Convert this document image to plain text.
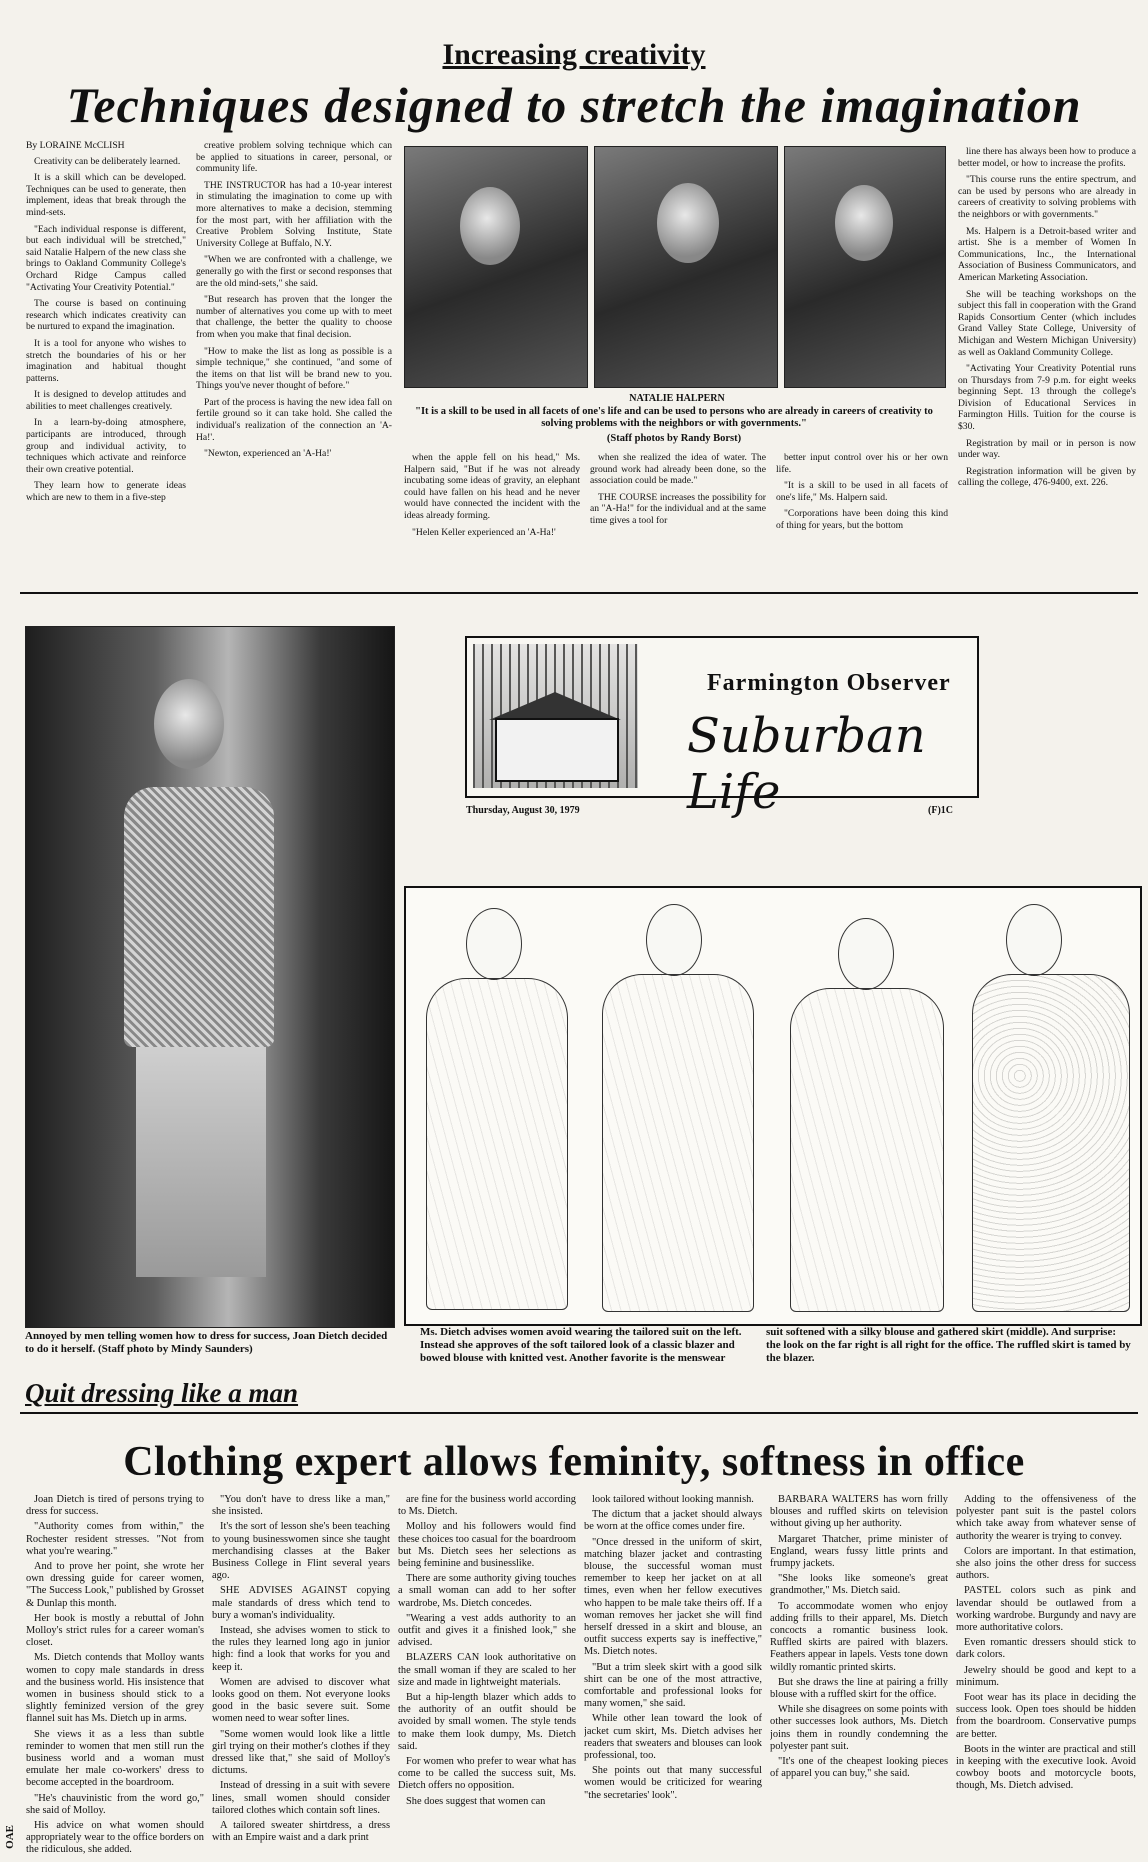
Increasing creativity
Techniques designed to stretch the imagination
By LORAINE McCLISH

Creativity can be deliberately learned.

It is a skill which can be developed. Techniques can be used to generate, then implement, ideas that break through the mind-sets.

"Each individual response is different, but each individual will be stretched," said Natalie Halpern of the new class she brings to Oakland Community College's Orchard Ridge Campus called "Activating Your Creativity Potential."

The course is based on continuing research which indicates creativity can be nurtured to expand the imagination.

It is a tool for anyone who wishes to stretch the boundaries of his or her imagination and habitual thought patterns.

It is designed to develop attitudes and abilities to meet challenges creatively.

In a learn-by-doing atmosphere, participants are introduced, through group and individual activity, to techniques which activate and reinforce their own creative potential.

They learn how to generate ideas which are new to them in a five-step

creative problem solving technique which can be applied to situations in career, personal, or community life.

THE INSTRUCTOR has had a 10-year interest in stimulating the imagination to come up with more alternatives to make a decision, stemming for the most part, with her affiliation with the Creative Problem Solving Institute, State University College at Buffalo, N.Y.

"When we are confronted with a challenge, we generally go with the first or second responses that are the old mind-sets," she said.

"But research has proven that the longer the number of alternatives you come up with to meet that challenge, the better the quality to choose from when you make that final decision.

"How to make the list as long as possible is a simple technique," she continued, "and some of the items on that list will be brand new to you. Things you've never thought of before."

Part of the process is having the new idea fall on fertile ground so it can take hold. She called the individual's realization of the connection an 'A-Ha!'.

"Newton, experienced an 'A-Ha!'

NATALIE HALPERN
"It is a skill to be used in all facets of one's life and can be used to persons who are already in careers of creativity to solving problems with the neighbors or with governments."
(Staff photos by Randy Borst)

when the apple fell on his head," Ms. Halpern said, "But if he was not already incubating some ideas of gravity, an elephant could have fallen on his head and he never would have connected the incident with the ideas already forming.

"Helen Keller experienced an 'A-Ha!'

when she realized the idea of water. The ground work had already been done, so the association could be made."

THE COURSE increases the possibility for an "A-Ha!" for the individual and at the same time gives a tool for

better input control over his or her own life.

"It is a skill to be used in all facets of one's life," Ms. Halpern said.

"Corporations have been doing this kind of thing for years, but the bottom

line there has always been how to produce a better model, or how to increase the profits.

"This course runs the entire spectrum, and can be used by persons who are already in careers of creativity to solving problems with the neighbors or with governments."

Ms. Halpern is a Detroit-based writer and artist. She is a member of Women In Communications, Inc., the International Association of Business Communicators, and American Marketing Association.

She will be teaching workshops on the subject this fall in cooperation with the Grand Rapids Consortium Center (which includes Grand Valley State College, University of Michigan and Western Michigan University) as well as Oakland Community College.

"Activating Your Creativity Potential runs on Thursdays from 7-9 p.m. for eight weeks beginning Sept. 13 through the college's Division of Educational Services in Farmington Hills. Tuition for the course is $30.

Registration by mail or in person is now under way.

Registration information will be given by calling the college, 476-9400, ext. 226.

Annoyed by men telling women how to dress for success, Joan Dietch decided to do it herself. (Staff photo by Mindy Saunders)
Farmington Observer
Suburban Life
Thursday, August 30, 1979	(F)1C
Ms. Dietch advises women avoid wearing the tailored suit on the left. Instead she approves of the soft tailored look of a classic blazer and bowed blouse with knitted vest. Another favorite is the menswear
suit softened with a silky blouse and gathered skirt (middle). And surprise: the look on the far right is all right for the office. The ruffled skirt is tamed by the blazer.
Quit dressing like a man
Clothing expert allows feminity, softness in office

Joan Dietch is tired of persons trying to dress for success.

"Authority comes from within," the Rochester resident stresses. "Not from what you're wearing."

And to prove her point, she wrote her own dressing guide for career women, "The Success Look," published by Grosset & Dunlap this month.

Her book is mostly a rebuttal of John Molloy's strict rules for a career woman's closet.

Ms. Dietch contends that Molloy wants women to copy male standards in dress and the business world. His insistence that women in business should stick to a slightly feminized version of the grey flannel suit has Ms. Dietch up in arms.

She views it as a less than subtle reminder to women that men still run the business world and a woman must emulate her male co-workers' dress to become accepted in the boardroom.

"He's chauvinistic from the word go," she said of Molloy.

His advice on what women should appropriately wear to the office borders on the ridiculous, she added.

"You don't have to dress like a man," she insisted.

It's the sort of lesson she's been teaching to young businesswomen since she taught merchandising classes at the Baker Business College in Flint several years ago.

SHE ADVISES AGAINST copying male standards of dress which tend to bury a woman's individuality.

Instead, she advises women to stick to the rules they learned long ago in junior high: find a look that works for you and keep it.

Women are advised to discover what looks good on them. Not everyone looks good in the basic severe suit. Some women need to wear softer lines.

"Some women would look like a little girl trying on their mother's clothes if they dressed like that," she said of Molloy's dictums.

Instead of dressing in a suit with severe lines, small women should consider tailored clothes which contain soft lines.

A tailored sweater shirtdress, a dress with an Empire waist and a dark print

are fine for the business world according to Ms. Dietch.

Molloy and his followers would find these choices too casual for the boardroom but Ms. Dietch sees her selections as being feminine and businesslike.

There are some authority giving touches a small woman can add to her softer wardrobe, Ms. Dietch concedes.

"Wearing a vest adds authority to an outfit and gives it a finished look," she advised.

BLAZERS CAN look authoritative on the small woman if they are scaled to her size and made in lightweight materials.

But a hip-length blazer which adds to the authority of an outfit should be avoided by small women. The style tends to make them look dumpy, Ms. Dietch said.

For women who prefer to wear what has come to be called the success suit, Ms. Dietch offers no opposition.

She does suggest that women can

look tailored without looking mannish.

The dictum that a jacket should always be worn at the office comes under fire.

"Once dressed in the uniform of skirt, matching blazer jacket and contrasting blouse, the successful woman must remember to keep her jacket on at all times, even when her fellow executives who happen to be male take theirs off. If a woman removes her jacket she will find herself dressed in a skirt and blouse, an outfit success experts say is ineffective," Ms. Dietch notes.

"But a trim sleek skirt with a good silk shirt can be one of the most attractive, comfortable and professional looks for many women," she said.

While other lean toward the look of jacket cum skirt, Ms. Dietch advises her readers that sweaters and blouses can look professional, too.

She points out that many successful women would be criticized for wearing "the secretaries' look".

BARBARA WALTERS has worn frilly blouses and ruffled skirts on television without giving up her authority.

Margaret Thatcher, prime minister of England, wears fussy little prints and frumpy jackets.

"She looks like someone's great grandmother," Ms. Dietch said.

To accommodate women who enjoy adding frills to their apparel, Ms. Dietch concocts a romantic business look. Ruffled skirts are paired with blazers. Feathers appear in lapels. Vests tone down wildly romantic printed skirts.

But she draws the line at pairing a frilly blouse with a ruffled skirt for the office.

While she disagrees on some points with other successes look authors, Ms. Dietch joins them in roundly condemning the polyester pant suit.

"It's one of the cheapest looking pieces of apparel you can buy," she said.

Adding to the offensiveness of the polyester pant suit is the pastel colors which take away from whatever sense of authority the wearer is trying to convey.

Colors are important. In that estimation, she also joins the other dress for success authors.

PASTEL colors such as pink and lavendar should be outlawed from a working wardrobe. Burgundy and navy are more authoritative colors.

Even romantic dressers should stick to dark colors.

Jewelry should be good and kept to a minimum.

Foot wear has its place in deciding the success look. Open toes should be hidden from the boardroom. Conservative pumps are better.

Boots in the winter are practical and still in keeping with the executive look. Avoid cowboy boots and motorcycle boots, though, Ms. Dietch advised.

OAE
